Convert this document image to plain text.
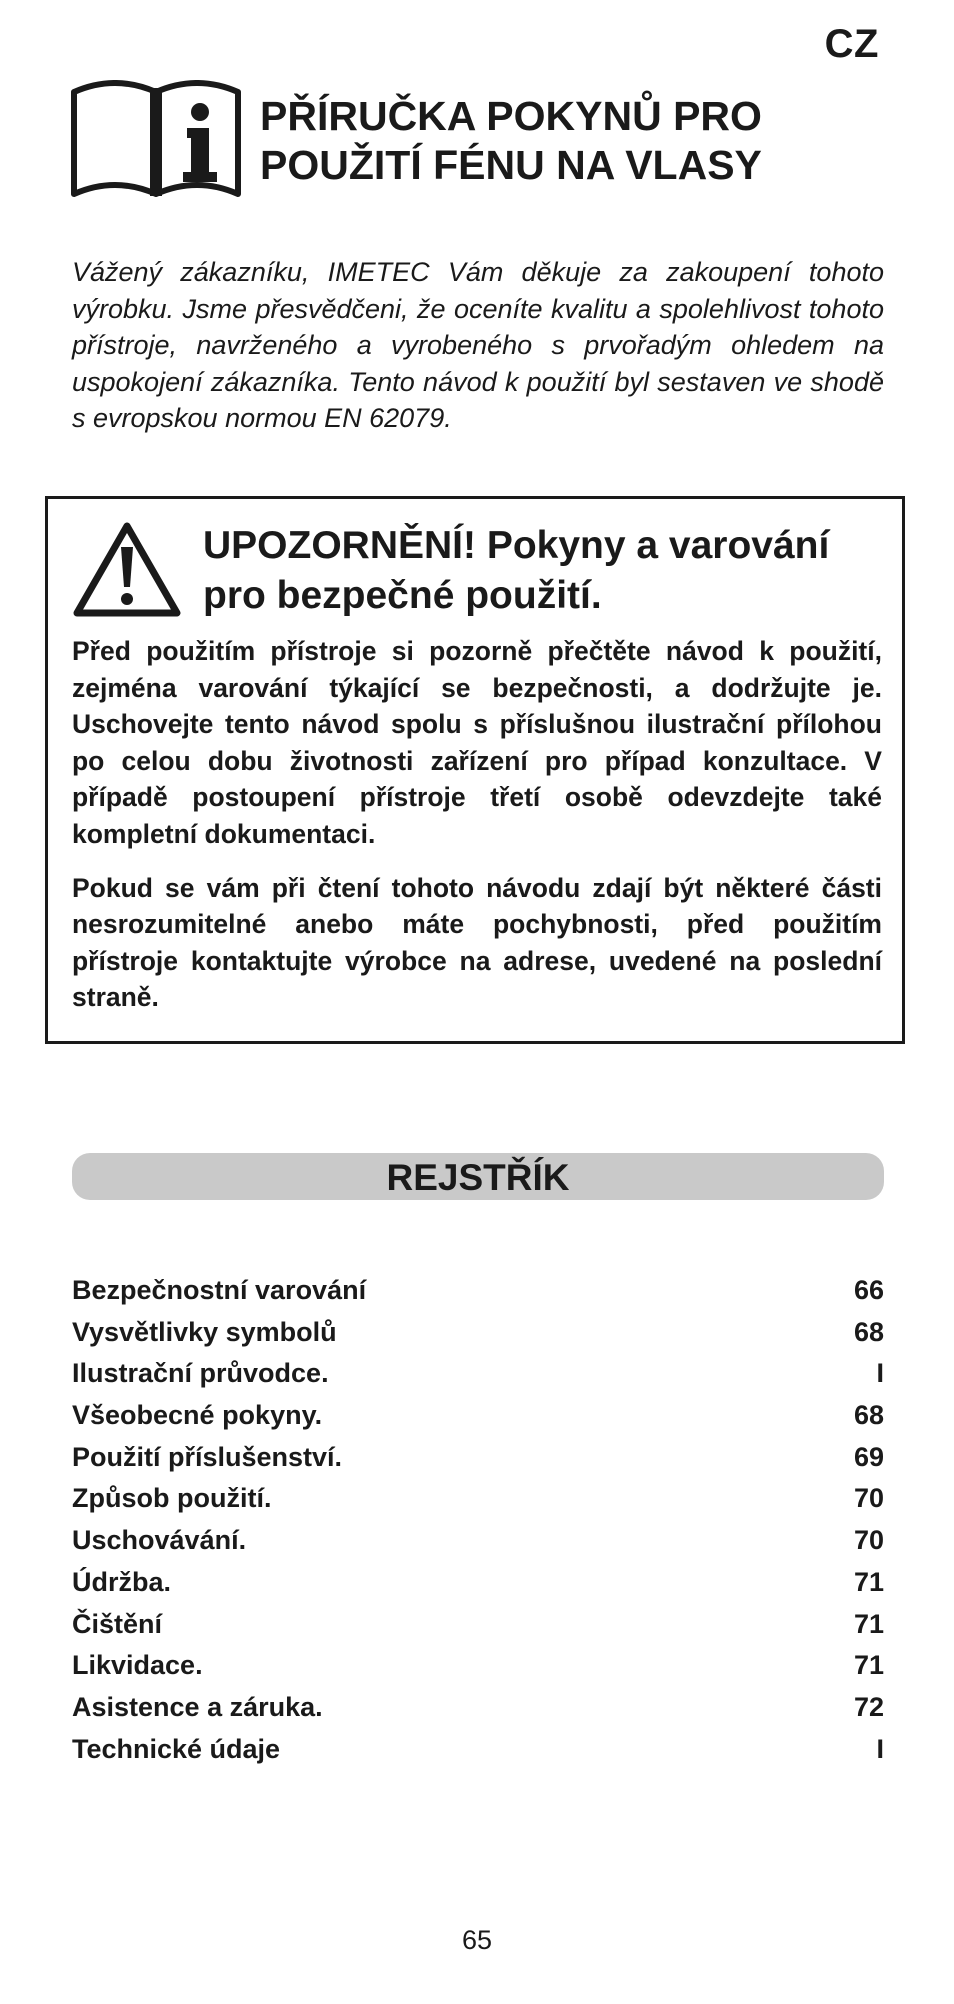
CZ
PŘÍRUČKA POKYNŮ PRO
POUŽITÍ FÉNU NA VLASY
Vážený zákazníku, IMETEC Vám děkuje za zakoupení tohoto výrobku. Jsme přesvědčeni, že oceníte kvalitu a spolehlivost tohoto přístroje, navrženého a vyrobeného s prvořadým ohledem na uspokojení zákazníka. Tento návod k použití byl sestaven ve shodě s evropskou normou EN 62079.
UPOZORNĚNÍ! Pokyny a varování
pro bezpečné použití.

Před použitím přístroje si pozorně přečtěte návod k použití, zejména varování týkající se bezpečnosti, a dodržujte je. Uschovejte tento návod spolu s příslušnou ilustrační přílohou po celou dobu životnosti zařízení pro případ konzultace. V případě postoupení přístroje třetí osobě odevzdejte také kompletní dokumentaci.

Pokud se vám při čtení tohoto návodu zdají být některé části nesrozumitelné anebo máte pochybnosti, před použitím přístroje kontaktujte výrobce na adrese, uvedené na poslední straně.

REJSTŘÍK
Bezpečnostní varování	66
Vysvětlivky symbolů	68
Ilustrační průvodce.	I
Všeobecné pokyny.	68
Použití příslušenství.	69
Způsob použití.	70
Uschovávání.	70
Údržba.	71
Čištění	71
Likvidace.	71
Asistence a záruka.	72
Technické údaje	I
65
